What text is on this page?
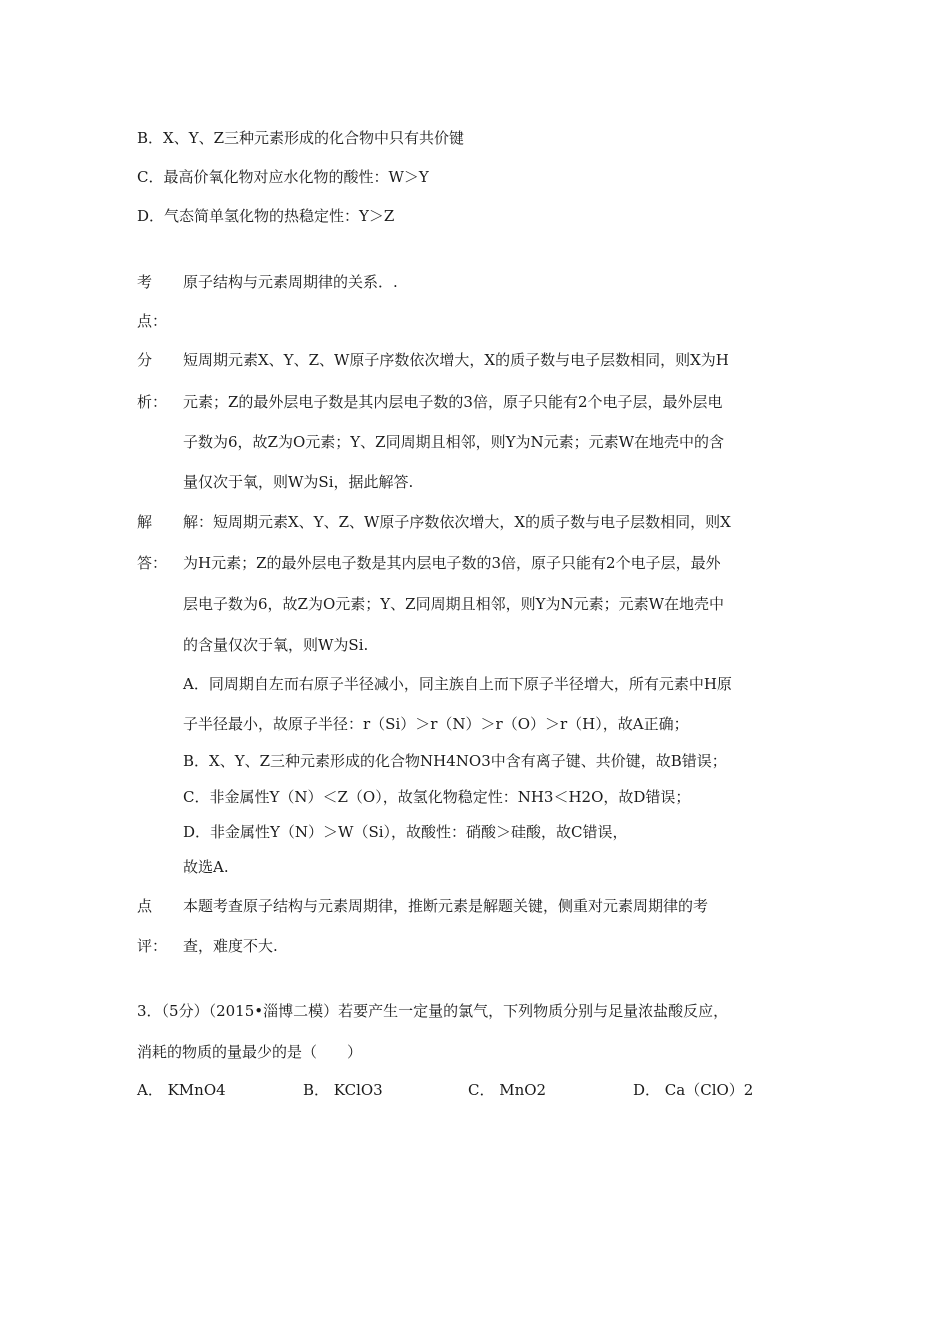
B．X、Y、Z三种元素形成的化合物中只有共价键
C．最高价氧化物对应水化物的酸性：W＞Y
D．气态简单氢化物的热稳定性：Y＞Z
考
点：
原子结构与元素周期律的关系．.
分
析：
短周期元素X、Y、Z、W原子序数依次增大，X的质子数与电子层数相同，则X为H
元素；Z的最外层电子数是其内层电子数的3倍，原子只能有2个电子层，最外层电
子数为6，故Z为O元素；Y、Z同周期且相邻，则Y为N元素；元素W在地壳中的含
量仅次于氧，则W为Si，据此解答.
解
答：
解：短周期元素X、Y、Z、W原子序数依次增大，X的质子数与电子层数相同，则X
为H元素；Z的最外层电子数是其内层电子数的3倍，原子只能有2个电子层，最外
层电子数为6，故Z为O元素；Y、Z同周期且相邻，则Y为N元素；元素W在地壳中
的含量仅次于氧，则W为Si.
A．同周期自左而右原子半径减小，同主族自上而下原子半径增大，所有元素中H原
子半径最小，故原子半径：r（Si）＞r（N）＞r（O）＞r（H），故A正确；
B．X、Y、Z三种元素形成的化合物NH4NO3中含有离子键、共价键，故B错误；
C．非金属性Y（N）＜Z（O），故氢化物稳定性：NH3＜H2O，故D错误；
D．非金属性Y（N）＞W（Si），故酸性：硝酸＞硅酸，故C错误，
故选A.
点
评：
本题考查原子结构与元素周期律，推断元素是解题关键，侧重对元素周期律的考
查，难度不大.
3．（5分）（2015•淄博二模）若要产生一定量的氯气，下列物质分别与足量浓盐酸反应，
消耗的物质的量最少的是（　　）
A． KMnO4	B． KClO3	C． MnO2	D． Ca（ClO）2
